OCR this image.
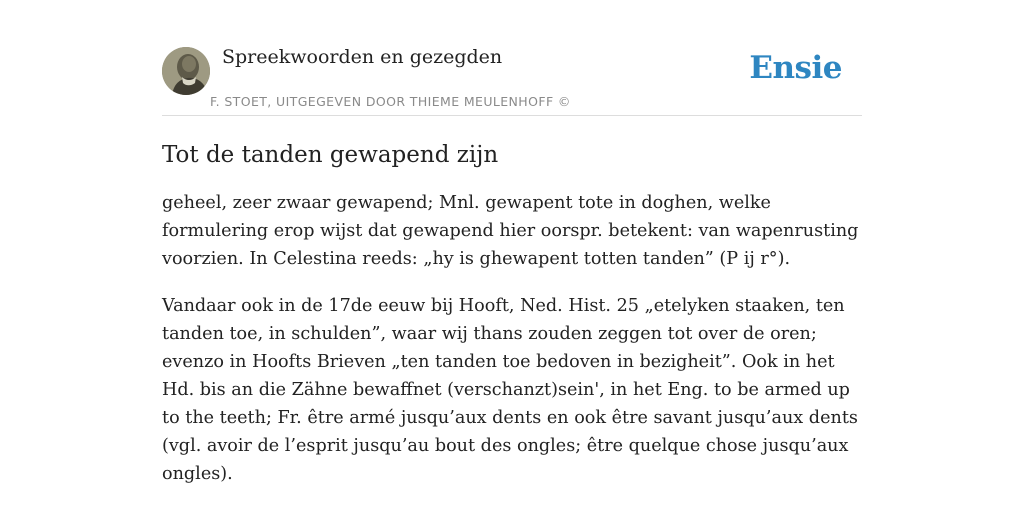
Spreekwoorden en gezegden
F. STOET, UITGEGEVEN DOOR THIEME MEULENHOFF ©
Ensie
Tot de tanden gewapend zijn

geheel, zeer zwaar gewapend; Mnl. gewapent tote in doghen, welke formulering erop wijst dat gewapend hier oorspr. betekent: van wapenrusting voorzien. In Celestina reeds: „hy is ghewapent totten tanden” (P ij r°).

Vandaar ook in de 17de eeuw bij Hooft, Ned. Hist. 25 „etelyken staaken, ten tanden toe, in schulden”, waar wij thans zouden zeggen tot over de oren; evenzo in Hoofts Brieven „ten tanden toe bedoven in bezigheit”. Ook in het Hd. bis an die Zähne bewaffnet (verschanzt)sein', in het Eng. to be armed up to the teeth; Fr. être armé jusqu’aux dents en ook être savant jusqu’aux dents (vgl. avoir de l’esprit jusqu’au bout des ongles; être quelque chose jusqu’aux ongles).
